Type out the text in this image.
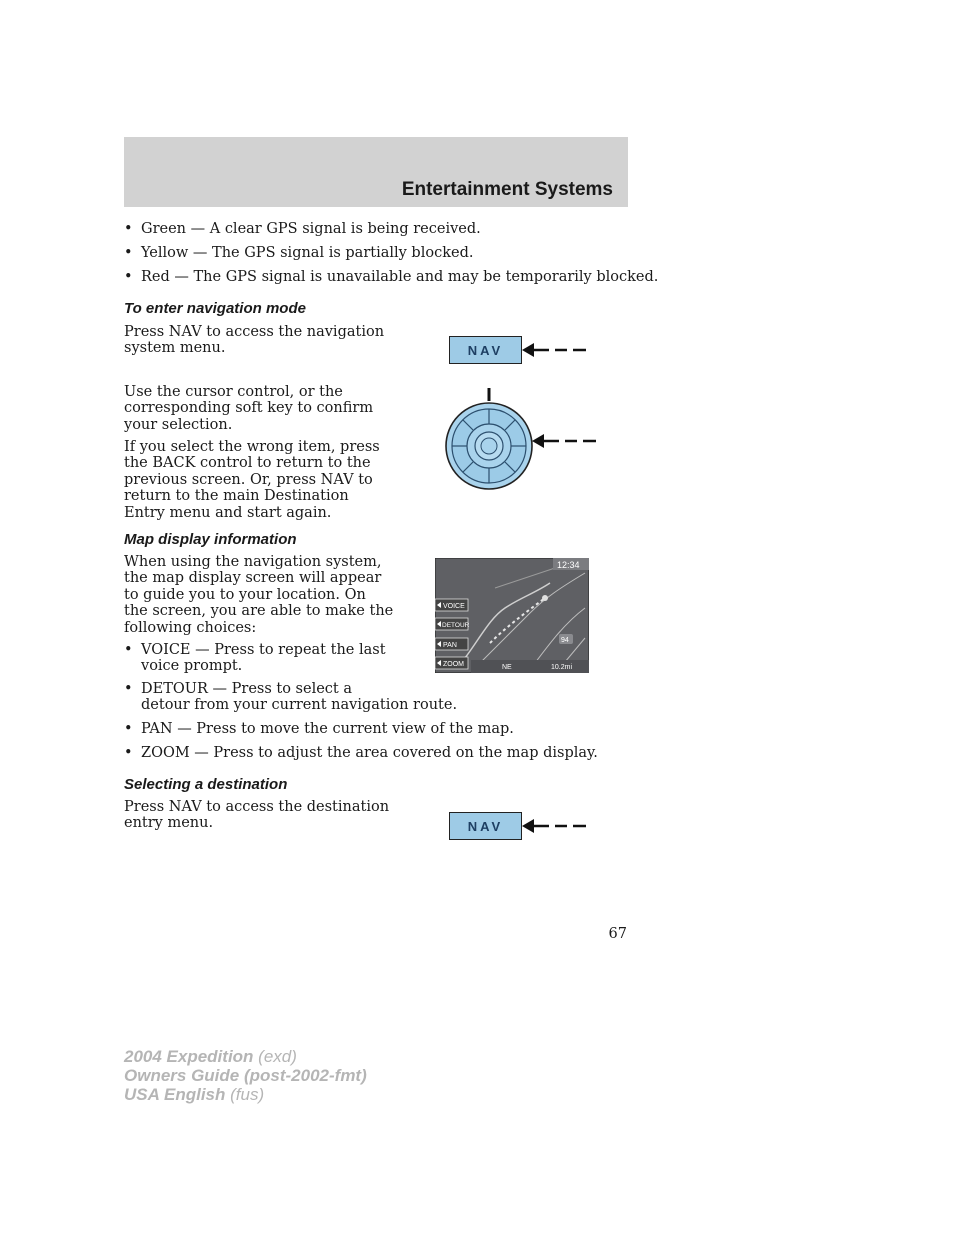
Entertainment Systems
• Green — A clear GPS signal is being received.
• Yellow — The GPS signal is partially blocked.
• Red — The GPS signal is unavailable and may be temporarily blocked.
To enter navigation mode
Press NAV to access the navigation
system menu.	NAV
Use the cursor control, or the
corresponding soft key to confirm
your selection.
If you select the wrong item, press
the BACK control to return to the
previous screen. Or, press NAV to
return to the main Destination
Entry menu and start again.
Map display information
When using the navigation system,
the map display screen will appear
to guide you to your location. On
the screen, you are able to make the
following choices:
• VOICE — Press to repeat the last
voice prompt.
• DETOUR — Press to select a
detour from your current navigation route.
• PAN — Press to move the current view of the map.
• ZOOM — Press to adjust the area covered on the map display.
12:34
94
VOICE
DETOUR
PAN
ZOOM	NE	10.2mi
Selecting a destination
Press NAV to access the destination
entry menu.	NAV
67
2004 Expedition (exd)
Owners Guide (post-2002-fmt)
USA English (fus)
